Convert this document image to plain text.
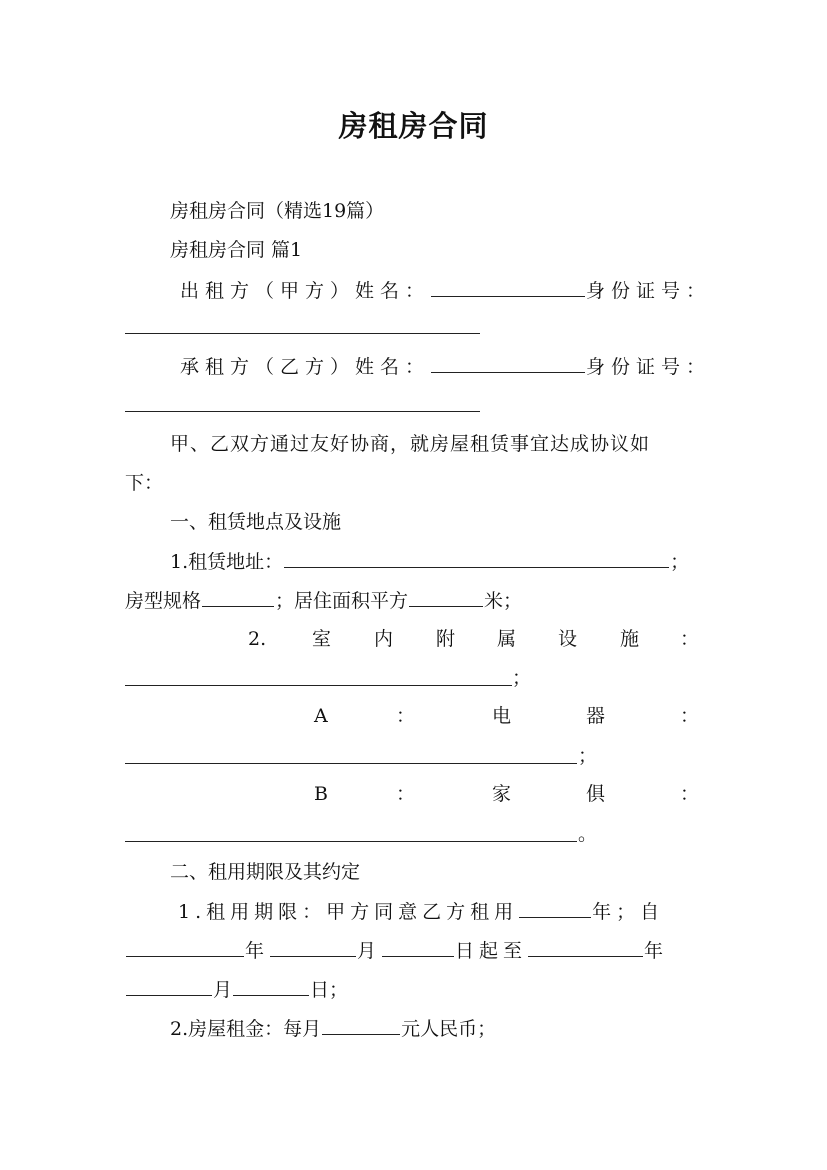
房租房合同
房租房合同（精选19篇）
房租房合同 篇1
出租方（甲方）姓名：	身份证号：
承租方（乙方）姓名：	身份证号：
甲、乙双方通过友好协商，就房屋租赁事宜达成协议如
下：
一、租赁地点及设施
1.租赁地址：	；
房型规格	；居住面积平方	米；
2. 室 内 附 属 设 施 ：
；
A	：	电	器	：
；
B	：	家	俱	：
。
二、租用期限及其约定
1.租用期限：甲方同意乙方租用	年；自
年	月	日起至	年
月	日；
2.房屋租金：每月	元人民币；
